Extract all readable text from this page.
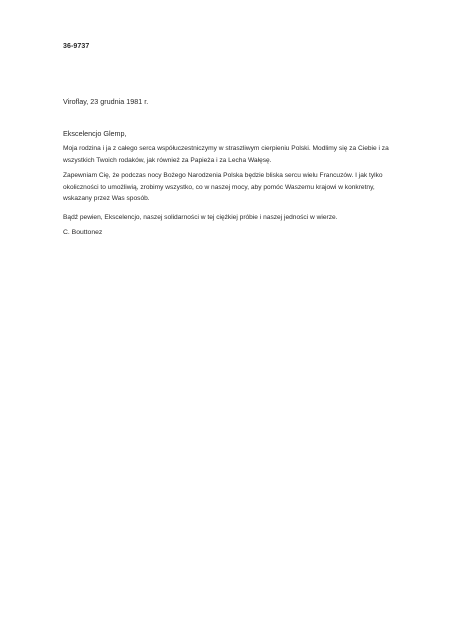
36-9737
Viroflay, 23 grudnia 1981 r.
Ekscelencjo Glemp,

Moja rodzina i ja z całego serca współuczestniczymy w straszliwym cierpieniu Polski. Modlimy się za Ciebie i za wszystkich Twoich rodaków, jak również za Papieża i za Lecha Wałęsę.

Zapewniam Cię, że podczas nocy Bożego Narodzenia Polska będzie bliska sercu wielu Francuzów. I jak tylko okoliczności to umożliwią, zrobimy wszystko, co w naszej mocy, aby pomóc Waszemu krajowi w konkretny, wskazany przez Was sposób.

Bądź pewien, Ekscelencjo, naszej solidarności w tej ciężkiej próbie i naszej jedności w wierze.

C. Bouttonez
